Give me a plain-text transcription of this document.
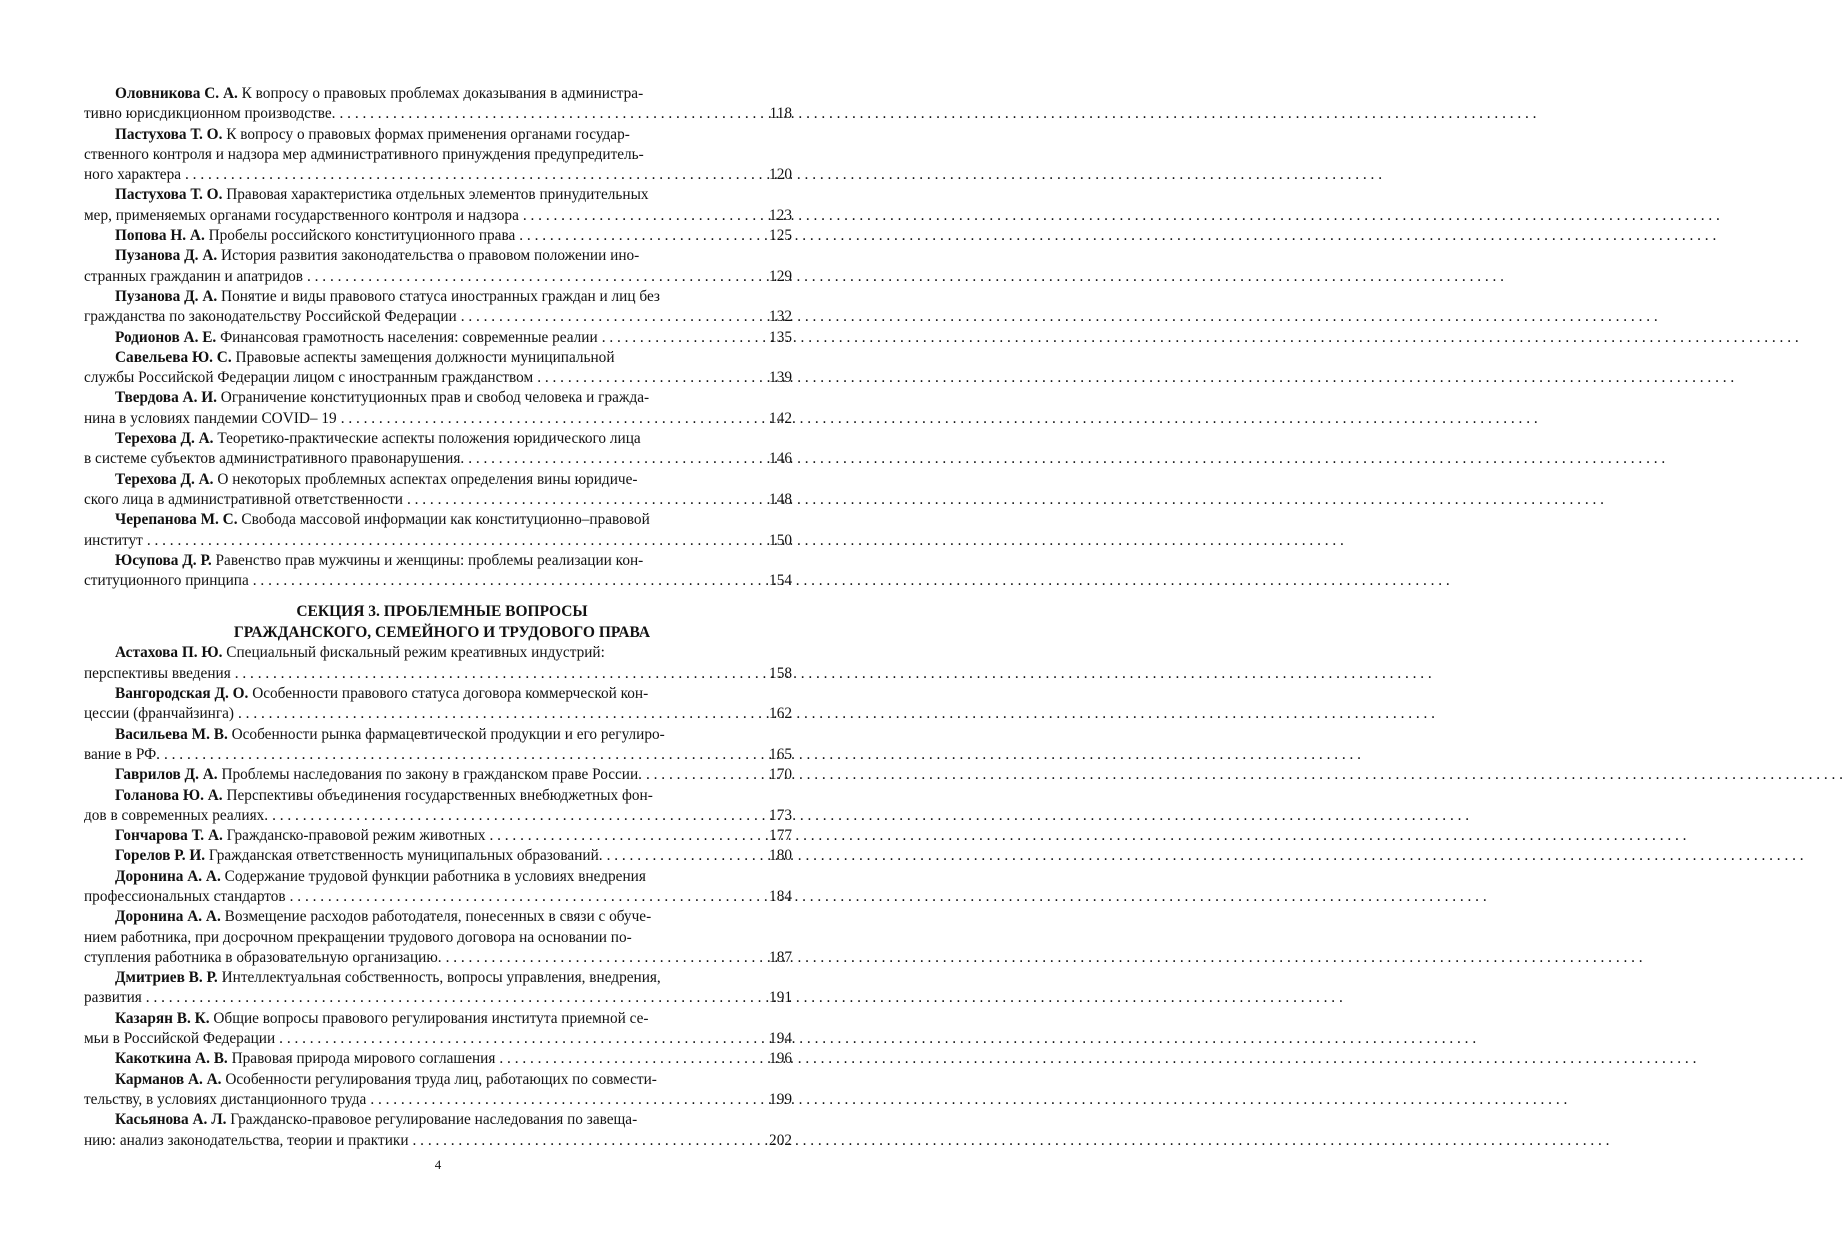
Оловникова С. А.
К вопросу о правовых проблемах доказывания в администра-
тивно юрисдикционном производстве. . . .	118
Пастухова Т. О.
К вопросу о правовых формах применения органами государ-
ственного контроля и надзора мер административного принуждения предупредитель-
ного характера . . .	120
Пастухова Т. О.
Правовая характеристика отдельных элементов принудительных
мер, применяемых органами государственного контроля и надзора . . .	123
Попова Н. А.
Пробелы российского конституционного права . . .	125
Пузанова Д. А.
История развития законодательства о правовом положении ино-
странных гражданин и апатридов . . .	129
Пузанова Д. А.
Понятие и виды правового статуса иностранных граждан и лиц без
гражданства по законодательству Российской Федерации . . .	132
Родионов А. Е.
Финансовая грамотность населения: современные реалии . . .	135
Савельева Ю. С.
Правовые аспекты замещения должности муниципальной
службы Российской Федерации лицом с иностранным гражданством . . .	139
Твердова А. И.
Ограничение конституционных прав и свобод человека и гражда-
нина в условиях пандемии COVID– 19 . . .	142
Терехова Д. А.
Теоретико-практические аспекты положения юридического лица
в системе субъектов административного правонарушения. . . .	146
Терехова Д. А.
О некоторых проблемных аспектах определения вины юридиче-
ского лица в административной ответственности . . .	148
Черепанова М. С.
Свобода массовой информации как конституционно–правовой
институт . . .	150
Юсупова Д. Р.
Равенство прав мужчины и женщины: проблемы реализации кон-
ституционного принципа . . .	154
СЕКЦИЯ 3. ПРОБЛЕМНЫЕ ВОПРОСЫ
ГРАЖДАНСКОГО, СЕМЕЙНОГО И ТРУДОВОГО ПРАВА
Астахова П. Ю.
Специальный фискальный режим креативных индустрий:
перспективы введения . . .	158
Вангородская Д. О.
Особенности правового статуса договора коммерческой кон-
цессии (франчайзинга) . . .	162
Васильева М. В.
Особенности рынка фармацевтической продукции и его регулиро-
вание в РФ. . . .	165
Гаврилов Д. А.
Проблемы наследования по закону в гражданском праве России. . . .	170
Голанова Ю. А.
Перспективы объединения государственных внебюджетных фон-
дов в современных реалиях. . . .	173
Гончарова Т. А.
Гражданско-правовой режим животных . . .	177
Горелов Р. И.
Гражданская ответственность муниципальных образований. . . .	180
Доронина А. А.
Содержание трудовой функции работника в условиях внедрения
профессиональных стандартов . . .	184
Доронина А. А.
Возмещение расходов работодателя, понесенных в связи с обуче-
нием работника, при досрочном прекращении трудового договора на основании по-
ступления работника в образовательную организацию. . . .	187
Дмитриев В. Р.
Интеллектуальная собственность, вопросы управления, внедрения,
развития . . .	191
Казарян В. К.
Общие вопросы правового регулирования института приемной се-
мьи в Российской Федерации . . .	194
Какоткина А. В.
Правовая природа мирового соглашения . . .	196
Карманов А. А.
Особенности регулирования труда лиц, работающих по совмести-
тельству, в условиях дистанционного труда . . .	199
Касьянова А. Л.
Гражданско-правовое регулирование наследования по завеща-
нию: анализ законодательства, теории и практики . . .	202
4
